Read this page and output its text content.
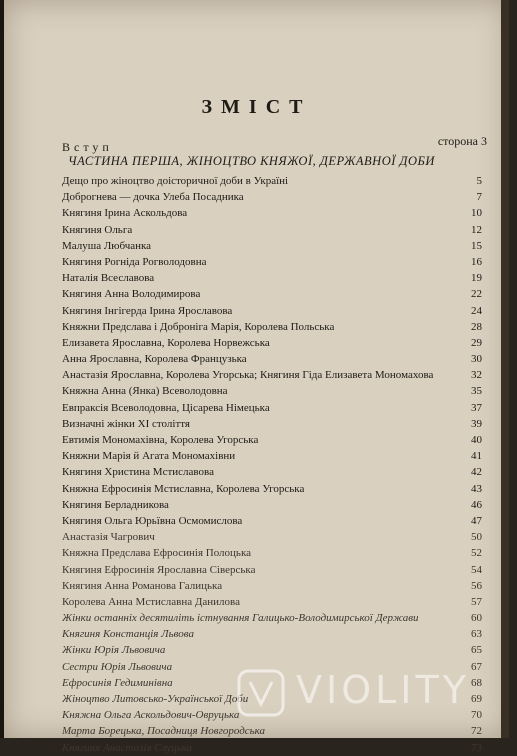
ЗМІСТ
Вступ	сторона 3
ЧАСТИНА ПЕРША, ЖІНОЦТВО КНЯЖОЇ, ДЕРЖАВНОЇ ДОБИ
Дещо про жіноцтво доісторичної доби в Україні	5
Доброгнева — дочка Улеба Посадника	7
Княгиня Ірина Аскольдова	10
Княгиня Ольга	12
Малуша Любчанка	15
Княгиня Рогніда Рогволодовна	16
Наталія Всеславова	19
Княгиня Анна Володимирова	22
Княгиня Інгігерда Ірина Ярославова	24
Княжни Предслава і Доброніга Марія, Королева Польська	28
Елизавета Ярославна, Королева Норвежська	29
Анна Ярославна, Королева Французька	30
Анастазія Ярославна, Королева Угорська; Княгиня Гіда Елизавета Мономахова	32
Княжна Анна (Янка) Всеволодовна	35
Евпраксія Всеволодовна, Цісарева Німецька	37
Визначні жінки ХІ століття	39
Евтимія Мономахівна, Королева Угорська	40
Княжни Марія й Агата Мономахівни	41
Княгиня Христина Мстиславова	42
Княжна Ефросинія Мстиславна, Королева Угорська	43
Княгиня Берладникова	46
Княгиня Ольга Юрьївна Осмомислова	47
Анастазія Чагрович	50
Княжна Предслава Ефросинія Полоцька	52
Княгиня Ефросинія Ярославна Сіверська	54
Княгиня Анна Романова Галицька	56
Королева Анна Мстиславна Данилова	57
Жінки останніх десятиліть істнування Галицько-Володимирської Держави	60
Княгиня Констанція Львова	63
Жінки Юрія Львовича	65
Сестри Юрія Львовича	67
Ефросинія Гедиминівна	68
Жіноцтво Литовсько-Української Доби	69
Княжна Ольга Аскольдович-Овруцька	70
Марта Борецька, Посадниця Новгородська	72
Княгиня Анастазія Слуцька	73
VIOLITY
